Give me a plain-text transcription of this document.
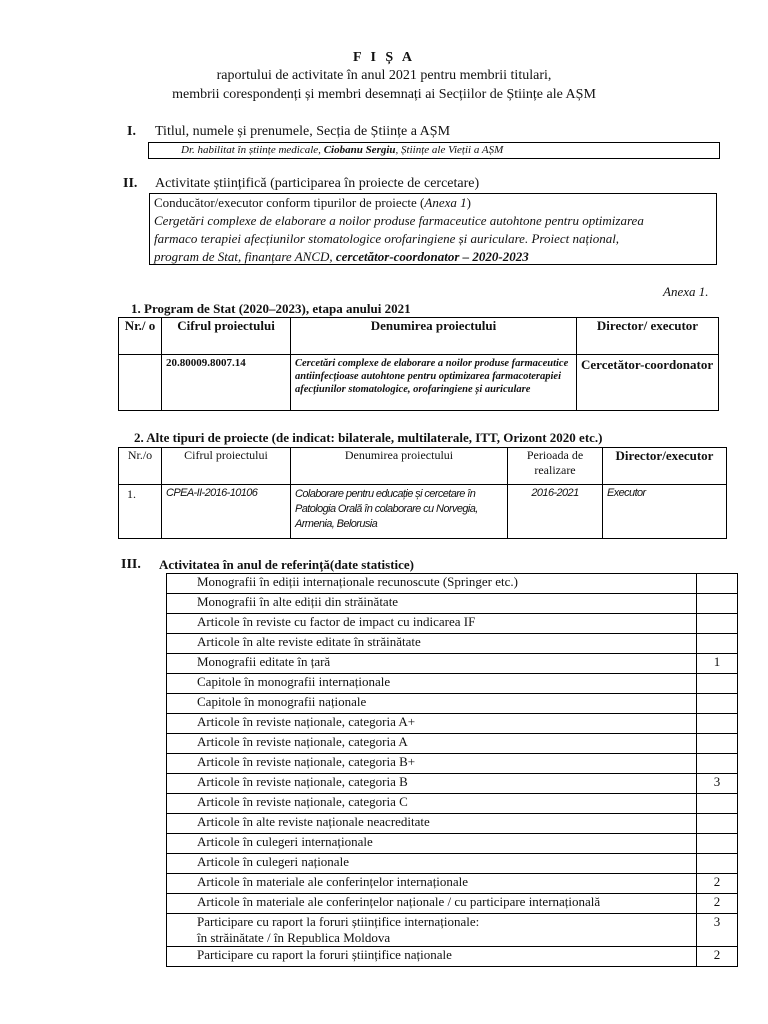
F I Ș A
raportului de activitate în anul 2021 pentru membrii titulari,
membrii corespondenți și membri desemnați ai Secțiilor de Științe ale AȘM
I. Titlul, numele și prenumele, Secția de Științe a AȘM
Dr. habilitat în științe medicale, Ciobanu Sergiu, Științe ale Vieții a AȘM
II. Activitate științifică (participarea în proiecte de cercetare)
Conducător/executor conform tipurilor de proiecte (Anexa 1)
Cergetări complexe de elaborare a noilor produse farmaceutice autohtone pentru optimizarea
farmaco terapiei afecțiunilor stomatologice orofaringiene și auriculare. Proiect național,
program de Stat, finanțare ANCD, cercetător-coordonator – 2020-2023
Anexa 1.
1. Program de Stat (2020–2023), etapa anului 2021
Nr./ o	Cifrul proiectului	Denumirea proiectului	Director/ executor
	20.80009.8007.14	Cercetări complexe de elaborare a noilor produse farmaceutice antiinfecțioase autohtone pentru optimizarea farmacoterapiei afecțiunilor stomatologice, orofaringiene și auriculare	Cercetător-coordonator
2. Alte tipuri de proiecte (de indicat: bilaterale, multilaterale, ITT, Orizont 2020 etc.)
Nr./o	Cifrul proiectului	Denumirea proiectului	Perioada de realizare	Director/executor
1.	CPEA-II-2016-10106	Colaborare pentru educație și cercetare în Patologia Orală în colaborare cu Norvegia, Armenia, Belorusia	2016-2021	Executor
III. Activitatea în anul de referință(date statistice)
Monografii în ediții internaționale recunoscute (Springer etc.)	

Monografii în alte ediții din străinătate	

Articole în reviste cu factor de impact cu indicarea IF	

Articole în alte reviste editate în străinătate	

Monografii editate în țară	1

Capitole în monografii internaționale	

Capitole în monografii naționale	

Articole în reviste naționale, categoria A+	

Articole în reviste naționale, categoria A	

Articole în reviste naționale, categoria B+	

Articole în reviste naționale, categoria B	3

Articole în reviste naționale, categoria C	

Articole în alte reviste naționale neacreditate	

Articole în culegeri internaționale	

Articole în culegeri naționale	

Articole în materiale ale conferințelor internaționale	2

Articole în materiale ale conferințelor naționale / cu participare internațională	2

Participare cu raport la foruri științifice internaționale:
în străinătate / în Republica Moldova	3

Participare cu raport la foruri științifice naționale	2
